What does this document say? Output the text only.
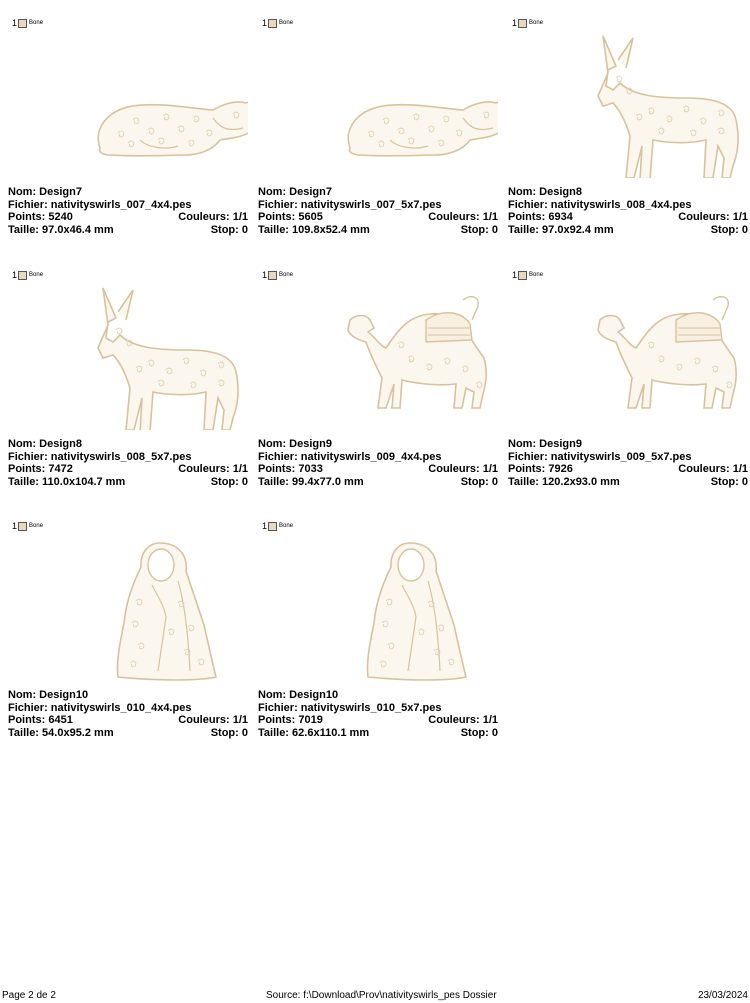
1 Bone
Nom: Design7
Fichier: nativityswirls_007_4x4.pes
Points: 5240	Couleurs: 1/1
Taille: 97.0x46.4 mm	Stop: 0
1 Bone
Nom: Design7
Fichier: nativityswirls_007_5x7.pes
Points: 5605	Couleurs: 1/1
Taille: 109.8x52.4 mm	Stop: 0
1 Bone
Nom: Design8
Fichier: nativityswirls_008_4x4.pes
Points: 6934	Couleurs: 1/1
Taille: 97.0x92.4 mm	Stop: 0
1 Bone
Nom: Design8
Fichier: nativityswirls_008_5x7.pes
Points: 7472	Couleurs: 1/1
Taille: 110.0x104.7 mm	Stop: 0
1 Bone
Nom: Design9
Fichier: nativityswirls_009_4x4.pes
Points: 7033	Couleurs: 1/1
Taille: 99.4x77.0 mm	Stop: 0
1 Bone
Nom: Design9
Fichier: nativityswirls_009_5x7.pes
Points: 7926	Couleurs: 1/1
Taille: 120.2x93.0 mm	Stop: 0
1 Bone
Nom: Design10
Fichier: nativityswirls_010_4x4.pes
Points: 6451	Couleurs: 1/1
Taille: 54.0x95.2 mm	Stop: 0
1 Bone
Nom: Design10
Fichier: nativityswirls_010_5x7.pes
Points: 7019	Couleurs: 1/1
Taille: 62.6x110.1 mm	Stop: 0
Page 2 de 2	Source: f:\Download\Prov\nativityswirls_pes Dossier	23/03/2024
